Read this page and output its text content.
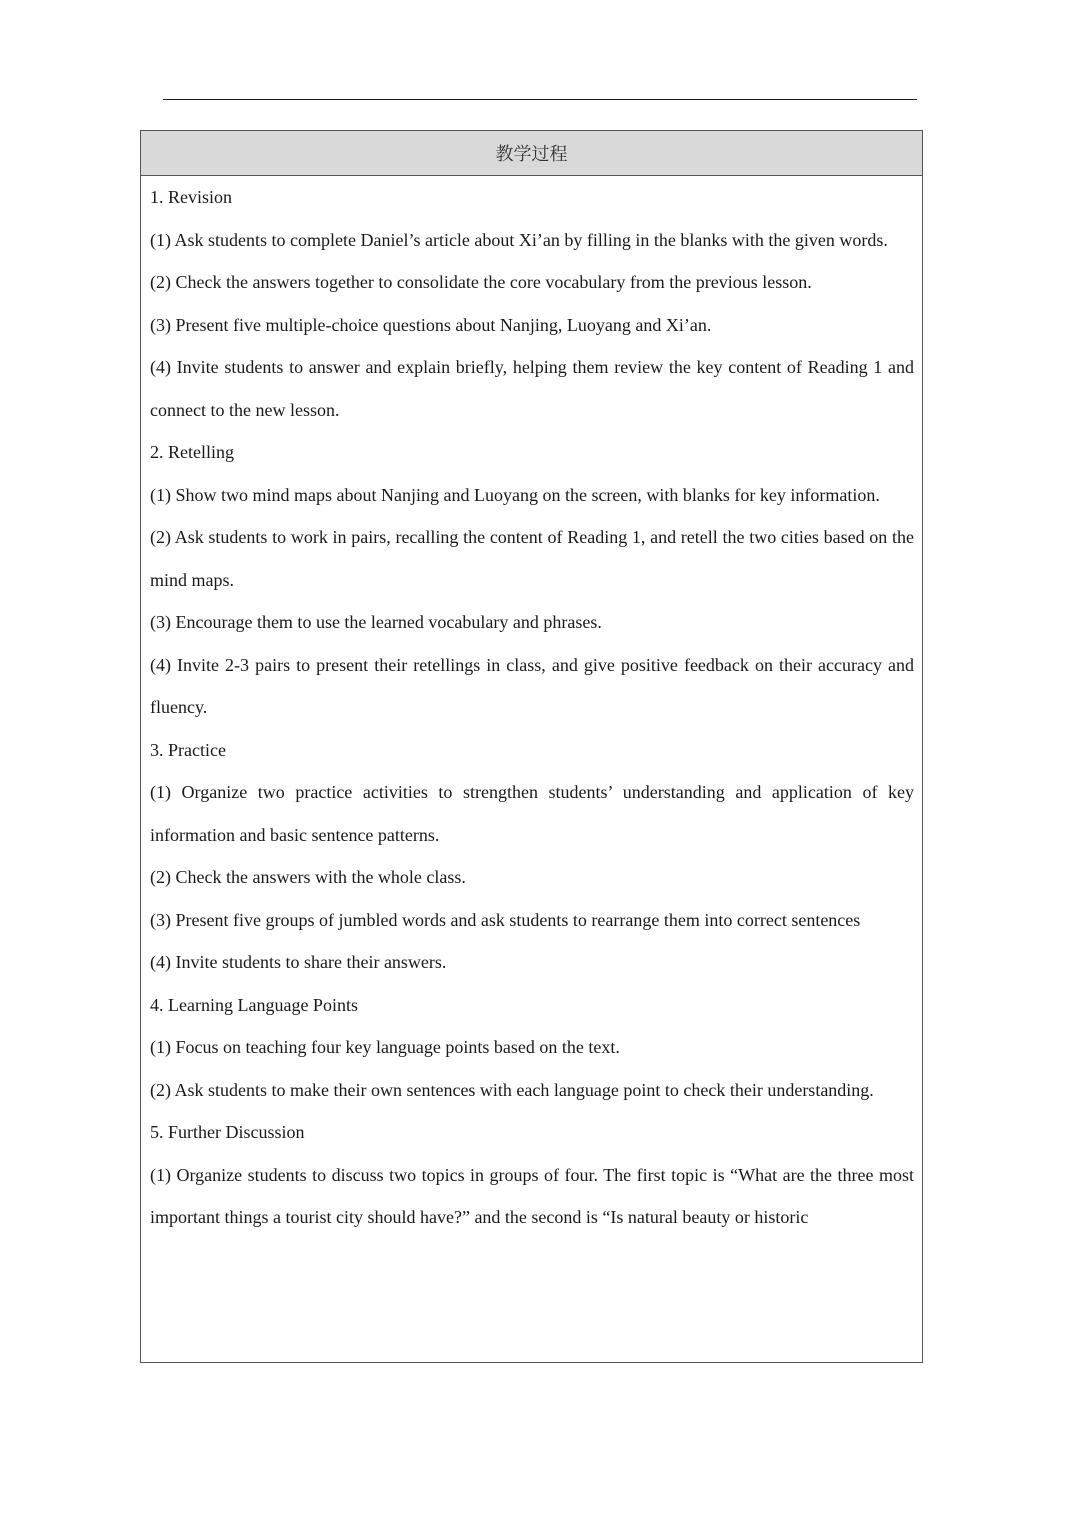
教学过程

1. Revision

(1) Ask students to complete Daniel’s article about Xi’an by filling in the blanks with the given words.

(2) Check the answers together to consolidate the core vocabulary from the previous lesson.

(3) Present five multiple-choice questions about Nanjing, Luoyang and Xi’an.

(4) Invite students to answer and explain briefly, helping them review the key content of Reading 1 and connect to the new lesson.

2. Retelling

(1) Show two mind maps about Nanjing and Luoyang on the screen, with blanks for key information.

(2) Ask students to work in pairs, recalling the content of Reading 1, and retell the two cities based on the mind maps.

(3) Encourage them to use the learned vocabulary and phrases.

(4) Invite 2-3 pairs to present their retellings in class, and give positive feedback on their accuracy and fluency.

3. Practice

(1) Organize two practice activities to strengthen students’ understanding and application of key information and basic sentence patterns.

(2) Check the answers with the whole class.

(3) Present five groups of jumbled words and ask students to rearrange them into correct sentences

(4) Invite students to share their answers.

4. Learning Language Points

(1) Focus on teaching four key language points based on the text.

(2) Ask students to make their own sentences with each language point to check their understanding.

5. Further Discussion

(1) Organize students to discuss two topics in groups of four. The first topic is “What are the three most important things a tourist city should have?” and the second is “Is natural beauty or historic
